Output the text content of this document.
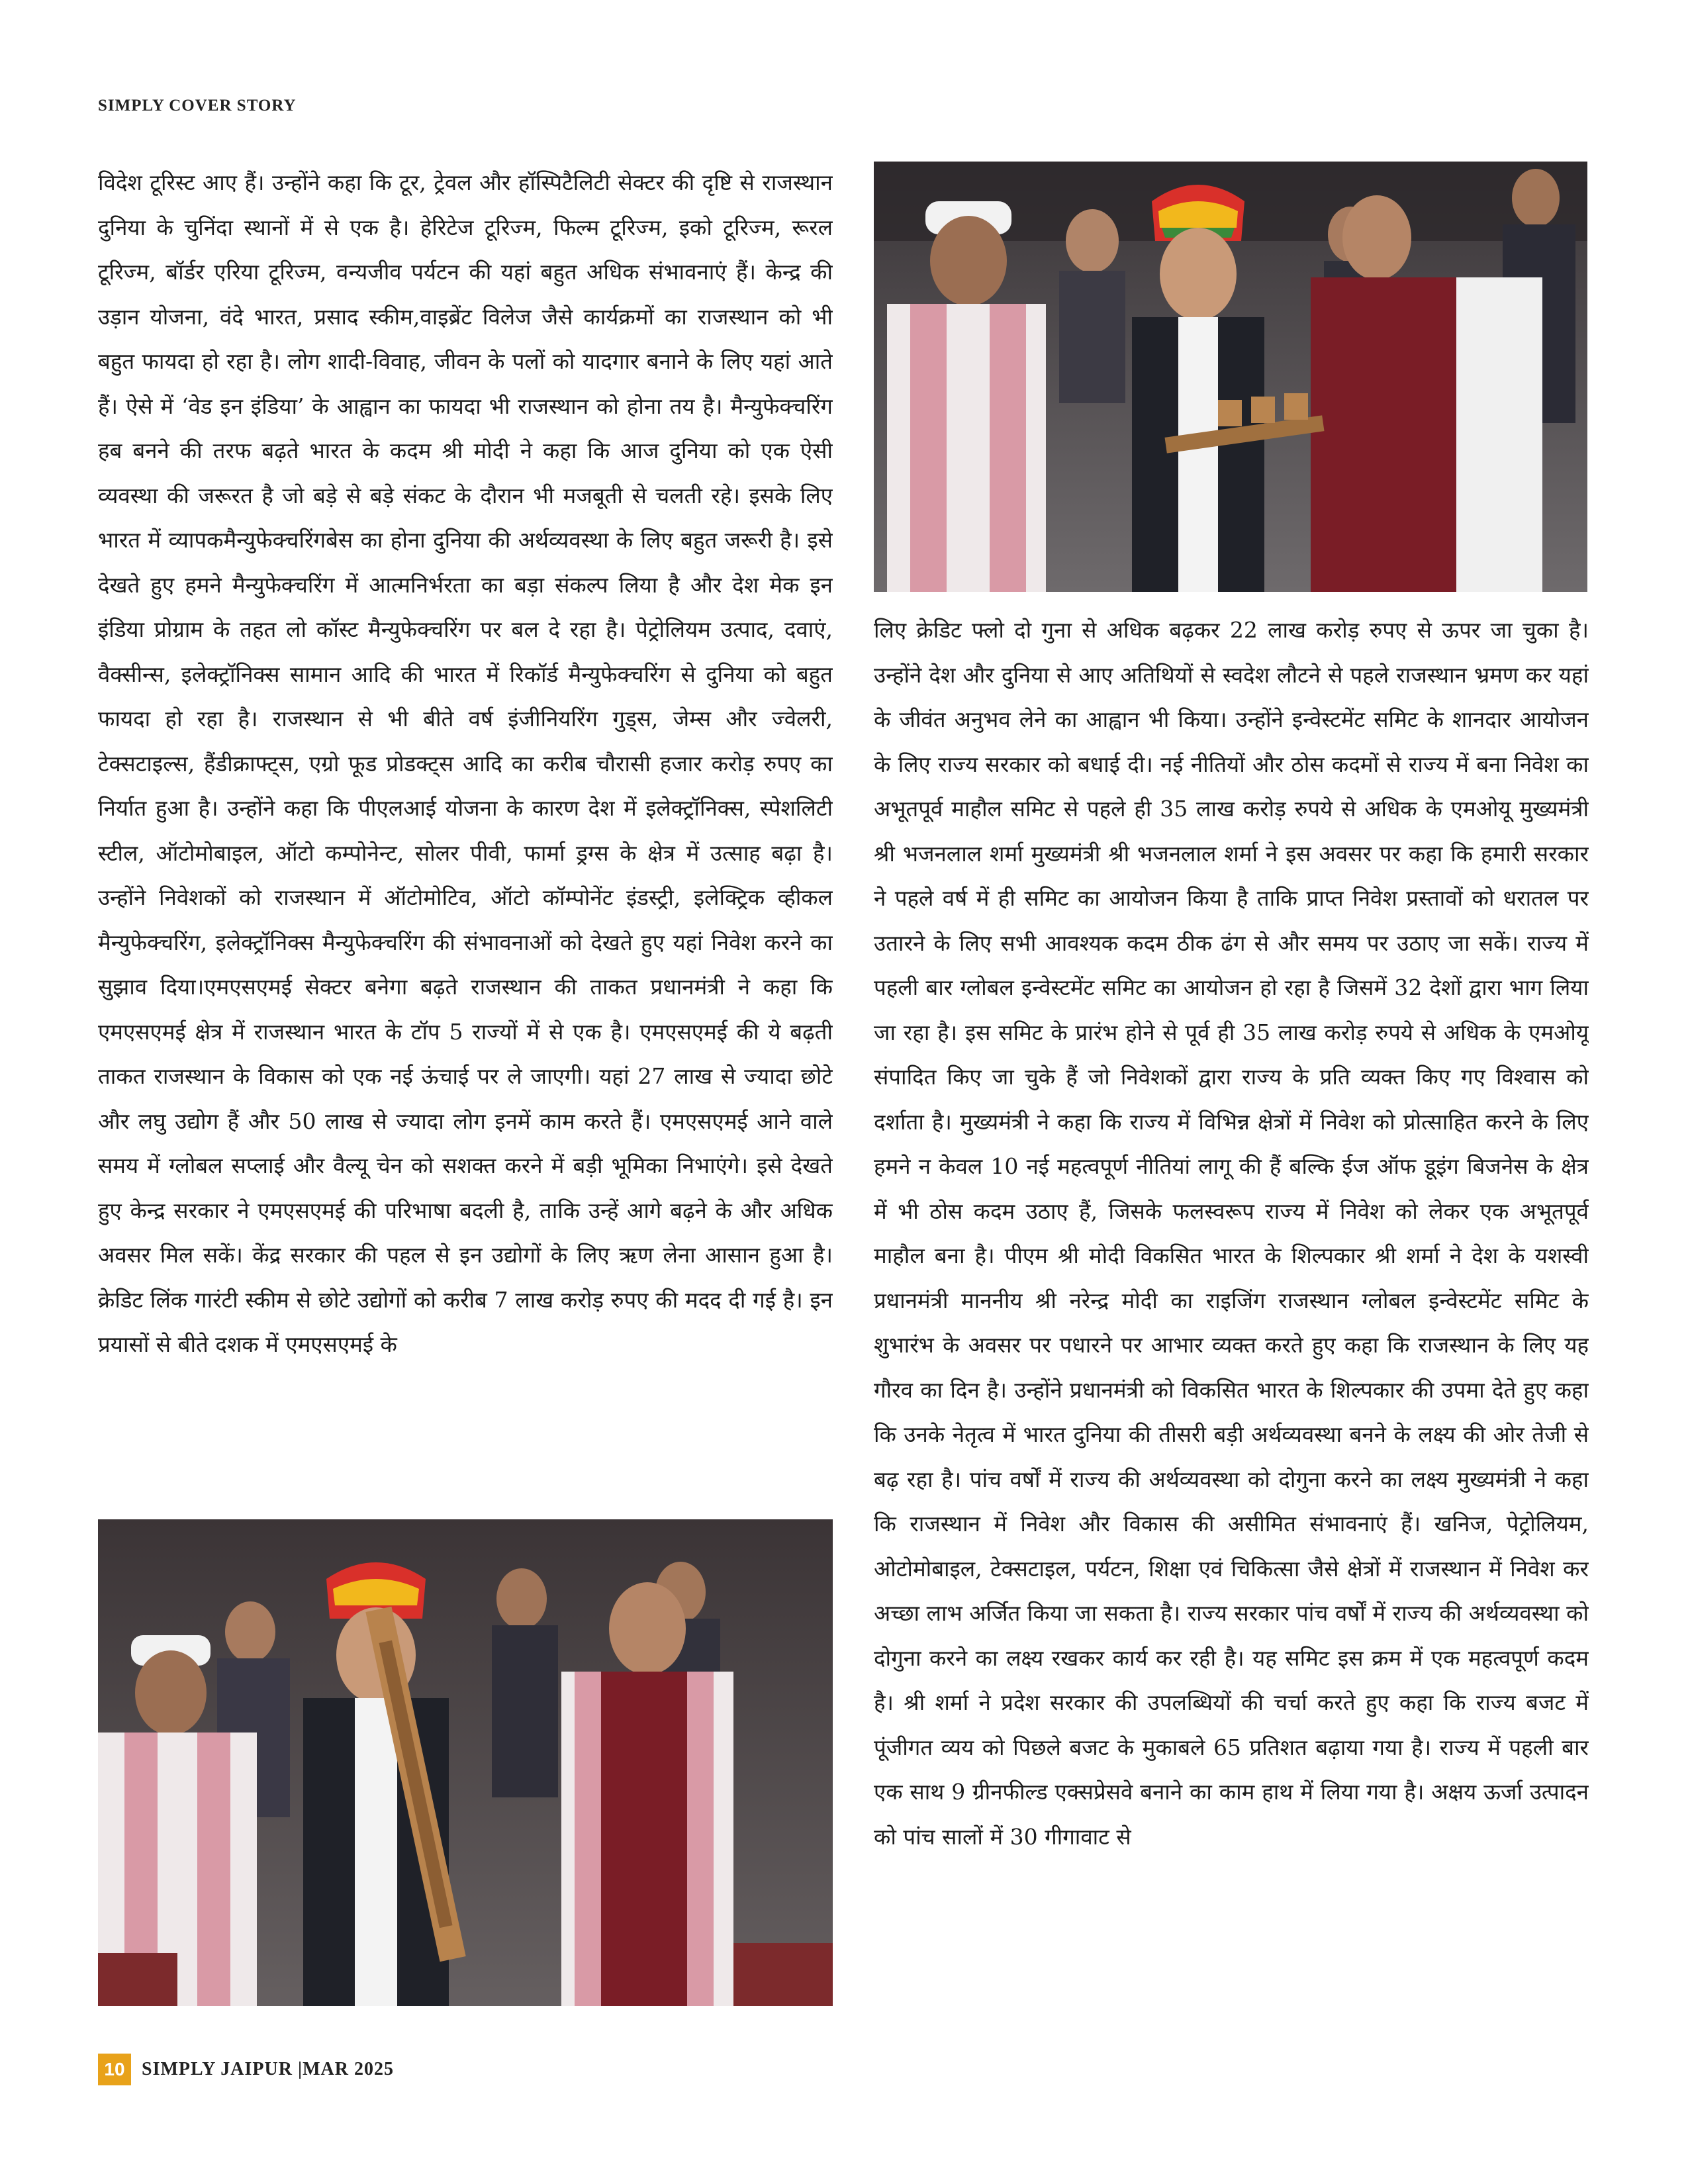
SIMPLY COVER STORY

विदेश टूरिस्ट आए हैं। उन्होंने कहा कि टूर, ट्रेवल और हॉस्पिटैलिटी सेक्टर की दृष्टि से राजस्थान दुनिया के चुनिंदा स्थानों में से एक है। हेरिटेज टूरिज्म, फिल्म टूरिज्म, इको टूरिज्म, रूरल टूरिज्म, बॉर्डर एरिया टूरिज्म, वन्यजीव पर्यटन की यहां बहुत अधिक संभावनाएं हैं। केन्द्र की उड़ान योजना, वंदे भारत, प्रसाद स्कीम,वाइब्रेंट विलेज जैसे कार्यक्रमों का राजस्थान को भी बहुत फायदा हो रहा है। लोग शादी-विवाह, जीवन के पलों को यादगार बनाने के लिए यहां आते हैं। ऐसे में ‘वेड इन इंडिया’ के आह्वान का फायदा भी राजस्थान को होना तय है। मैन्युफेक्चरिंग हब बनने की तरफ बढ़ते भारत के कदम श्री मोदी ने कहा कि आज दुनिया को एक ऐसी व्यवस्था की जरूरत है जो बड़े से बड़े संकट के दौरान भी मजबूती से चलती रहे। इसके लिए भारत में व्यापकमैन्युफेक्चरिंगबेस का होना दुनिया की अर्थव्यवस्था के लिए बहुत जरूरी है। इसे देखते हुए हमने मैन्युफेक्चरिंग में आत्मनिर्भरता का बड़ा संकल्प लिया है और देश मेक इन इंडिया प्रोग्राम के तहत लो कॉस्ट मैन्युफेक्चरिंग पर बल दे रहा है। पेट्रोलियम उत्पाद, दवाएं, वैक्सीन्स, इलेक्ट्रॉनिक्स सामान आदि की भारत में रिकॉर्ड मैन्युफेक्चरिंग से दुनिया को बहुत फायदा हो रहा है। राजस्थान से भी बीते वर्ष इंजीनियरिंग गुड्स, जेम्स और ज्वेलरी, टेक्सटाइल्स, हैंडीक्राफ्ट्स, एग्रो फूड प्रोडक्ट्स आदि का करीब चौरासी हजार करोड़ रुपए का निर्यात हुआ है। उन्होंने कहा कि पीएलआई योजना के कारण देश में इलेक्ट्रॉनिक्स, स्पेशलिटी स्टील, ऑटोमोबाइल, ऑटो कम्पोनेन्ट, सोलर पीवी, फार्मा ड्रग्स के क्षेत्र में उत्साह बढ़ा है। उन्होंने निवेशकों को राजस्थान में ऑटोमोटिव, ऑटो कॉम्पोनेंट इंडस्ट्री, इलेक्ट्रिक व्हीकल मैन्युफेक्चरिंग, इलेक्ट्रॉनिक्स मैन्युफेक्चरिंग की संभावनाओं को देखते हुए यहां निवेश करने का सुझाव दिया।एमएसएमई सेक्टर बनेगा बढ़ते राजस्थान की ताकत प्रधानमंत्री ने कहा कि एमएसएमई क्षेत्र में राजस्थान भारत के टॉप 5 राज्यों में से एक है। एमएसएमई की ये बढ़ती ताकत राजस्थान के विकास को एक नई ऊंचाई पर ले जाएगी। यहां 27 लाख से ज्यादा छोटे और लघु उद्योग हैं और 50 लाख से ज्यादा लोग इनमें काम करते हैं। एमएसएमई आने वाले समय में ग्लोबल सप्लाई और वैल्यू चेन को सशक्त करने में बड़ी भूमिका निभाएंगे। इसे देखते हुए केन्द्र सरकार ने एमएसएमई की परिभाषा बदली है, ताकि उन्हें आगे बढ़ने के और अधिक अवसर मिल सकें। केंद्र सरकार की पहल से इन उद्योगों के लिए ऋण लेना आसान हुआ है। क्रेडिट लिंक गारंटी स्कीम से छोटे उद्योगों को करीब 7 लाख करोड़ रुपए की मदद दी गई है। इन प्रयासों से बीते दशक में एमएसएमई के

लिए क्रेडिट फ्लो दो गुना से अधिक बढ़कर 22 लाख करोड़ रुपए से ऊपर जा चुका है। उन्होंने देश और दुनिया से आए अतिथियों से स्वदेश लौटने से पहले राजस्थान भ्रमण कर यहां के जीवंत अनुभव लेने का आह्वान भी किया। उन्होंने इन्वेस्टमेंट समिट के शानदार आयोजन के लिए राज्य सरकार को बधाई दी। नई नीतियों और ठोस कदमों से राज्य में बना निवेश का अभूतपूर्व माहौल समिट से पहले ही 35 लाख करोड़ रुपये से अधिक के एमओयू मुख्यमंत्री श्री भजनलाल शर्मा मुख्यमंत्री श्री भजनलाल शर्मा ने इस अवसर पर कहा कि हमारी सरकार ने पहले वर्ष में ही समिट का आयोजन किया है ताकि प्राप्त निवेश प्रस्तावों को धरातल पर उतारने के लिए सभी आवश्यक कदम ठीक ढंग से और समय पर उठाए जा सकें। राज्य में पहली बार ग्लोबल इन्वेस्टमेंट समिट का आयोजन हो रहा है जिसमें 32 देशों द्वारा भाग लिया जा रहा है। इस समिट के प्रारंभ होने से पूर्व ही 35 लाख करोड़ रुपये से अधिक के एमओयू संपादित किए जा चुके हैं जो निवेशकों द्वारा राज्य के प्रति व्यक्त किए गए विश्वास को दर्शाता है। मुख्यमंत्री ने कहा कि राज्य में विभिन्न क्षेत्रों में निवेश को प्रोत्साहित करने के लिए हमने न केवल 10 नई महत्वपूर्ण नीतियां लागू की हैं बल्कि ईज ऑफ डूइंग बिजनेस के क्षेत्र में भी ठोस कदम उठाए हैं, जिसके फलस्वरूप राज्य में निवेश को लेकर एक अभूतपूर्व माहौल बना है। पीएम श्री मोदी विकसित भारत के शिल्पकार श्री शर्मा ने देश के यशस्वी प्रधानमंत्री माननीय श्री नरेन्द्र मोदी का राइजिंग राजस्थान ग्लोबल इन्वेस्टमेंट समिट के शुभारंभ के अवसर पर पधारने पर आभार व्यक्त करते हुए कहा कि राजस्थान के लिए यह गौरव का दिन है। उन्होंने प्रधानमंत्री को विकसित भारत के शिल्पकार की उपमा देते हुए कहा कि उनके नेतृत्व में भारत दुनिया की तीसरी बड़ी अर्थव्यवस्था बनने के लक्ष्य की ओर तेजी से बढ़ रहा है। पांच वर्षों में राज्य की अर्थव्यवस्था को दोगुना करने का लक्ष्य मुख्यमंत्री ने कहा कि राजस्थान में निवेश और विकास की असीमित संभावनाएं हैं। खनिज, पेट्रोलियम, ओटोमोबाइल, टेक्सटाइल, पर्यटन, शिक्षा एवं चिकित्सा जैसे क्षेत्रों में राजस्थान में निवेश कर अच्छा लाभ अर्जित किया जा सकता है। राज्य सरकार पांच वर्षों में राज्य की अर्थव्यवस्था को दोगुना करने का लक्ष्य रखकर कार्य कर रही है। यह समिट इस क्रम में एक महत्वपूर्ण कदम है। श्री शर्मा ने प्रदेश सरकार की उपलब्धियों की चर्चा करते हुए कहा कि राज्य बजट में पूंजीगत व्यय को पिछले बजट के मुकाबले 65 प्रतिशत बढ़ाया गया है। राज्य में पहली बार एक साथ 9 ग्रीनफील्ड एक्सप्रेसवे बनाने का काम हाथ में लिया गया है। अक्षय ऊर्जा उत्पादन को पांच सालों में 30 गीगावाट से

10 SIMPLY JAIPUR |MAR 2025
